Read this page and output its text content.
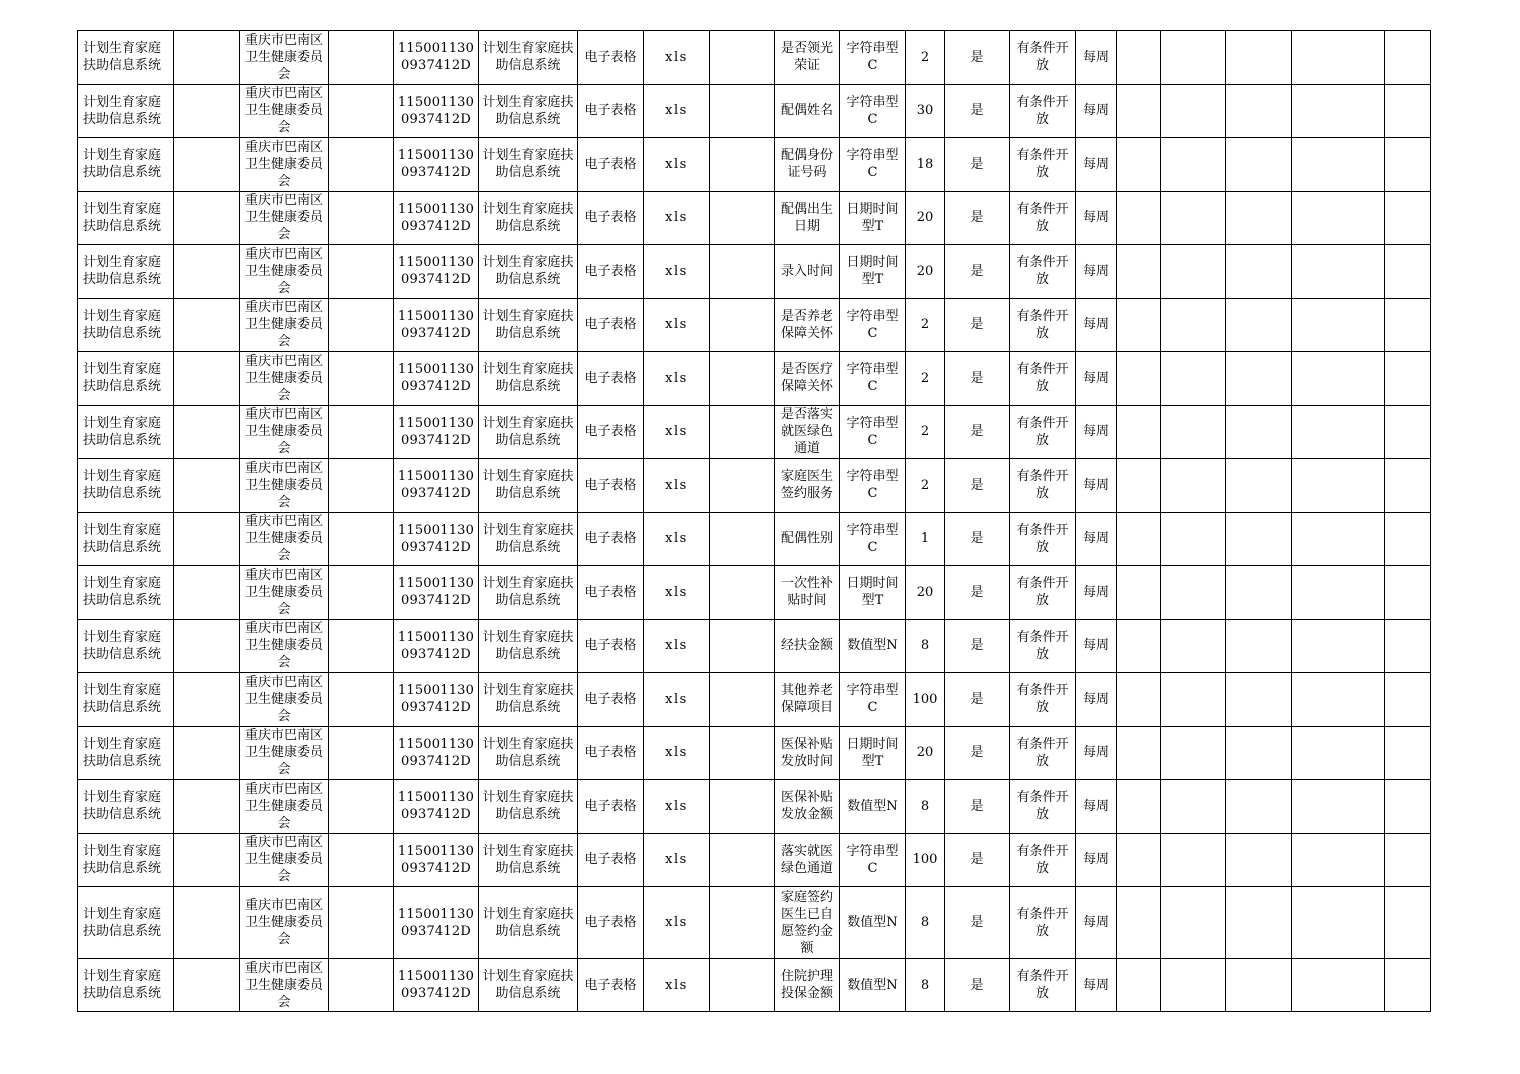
计划生育家庭扶助信息系统		重庆市巴南区卫生健康委员会		1150011300937412D	计划生育家庭扶助信息系统	电子表格	xls		是否领光荣证	字符串型C	2	是	有条件开放	每周					
计划生育家庭扶助信息系统		重庆市巴南区卫生健康委员会		1150011300937412D	计划生育家庭扶助信息系统	电子表格	xls		配偶姓名	字符串型C	30	是	有条件开放	每周					
计划生育家庭扶助信息系统		重庆市巴南区卫生健康委员会		1150011300937412D	计划生育家庭扶助信息系统	电子表格	xls		配偶身份证号码	字符串型C	18	是	有条件开放	每周					
计划生育家庭扶助信息系统		重庆市巴南区卫生健康委员会		1150011300937412D	计划生育家庭扶助信息系统	电子表格	xls		配偶出生日期	日期时间型T	20	是	有条件开放	每周					
计划生育家庭扶助信息系统		重庆市巴南区卫生健康委员会		1150011300937412D	计划生育家庭扶助信息系统	电子表格	xls		录入时间	日期时间型T	20	是	有条件开放	每周					
计划生育家庭扶助信息系统		重庆市巴南区卫生健康委员会		1150011300937412D	计划生育家庭扶助信息系统	电子表格	xls		是否养老保障关怀	字符串型C	2	是	有条件开放	每周					
计划生育家庭扶助信息系统		重庆市巴南区卫生健康委员会		1150011300937412D	计划生育家庭扶助信息系统	电子表格	xls		是否医疗保障关怀	字符串型C	2	是	有条件开放	每周					
计划生育家庭扶助信息系统		重庆市巴南区卫生健康委员会		1150011300937412D	计划生育家庭扶助信息系统	电子表格	xls		是否落实就医绿色通道	字符串型C	2	是	有条件开放	每周					
计划生育家庭扶助信息系统		重庆市巴南区卫生健康委员会		1150011300937412D	计划生育家庭扶助信息系统	电子表格	xls		家庭医生签约服务	字符串型C	2	是	有条件开放	每周					
计划生育家庭扶助信息系统		重庆市巴南区卫生健康委员会		1150011300937412D	计划生育家庭扶助信息系统	电子表格	xls		配偶性别	字符串型C	1	是	有条件开放	每周					
计划生育家庭扶助信息系统		重庆市巴南区卫生健康委员会		1150011300937412D	计划生育家庭扶助信息系统	电子表格	xls		一次性补贴时间	日期时间型T	20	是	有条件开放	每周					
计划生育家庭扶助信息系统		重庆市巴南区卫生健康委员会		1150011300937412D	计划生育家庭扶助信息系统	电子表格	xls		经扶金额	数值型N	8	是	有条件开放	每周					
计划生育家庭扶助信息系统		重庆市巴南区卫生健康委员会		1150011300937412D	计划生育家庭扶助信息系统	电子表格	xls		其他养老保障项目	字符串型C	100	是	有条件开放	每周					
计划生育家庭扶助信息系统		重庆市巴南区卫生健康委员会		1150011300937412D	计划生育家庭扶助信息系统	电子表格	xls		医保补贴发放时间	日期时间型T	20	是	有条件开放	每周					
计划生育家庭扶助信息系统		重庆市巴南区卫生健康委员会		1150011300937412D	计划生育家庭扶助信息系统	电子表格	xls		医保补贴发放金额	数值型N	8	是	有条件开放	每周					
计划生育家庭扶助信息系统		重庆市巴南区卫生健康委员会		1150011300937412D	计划生育家庭扶助信息系统	电子表格	xls		落实就医绿色通道	字符串型C	100	是	有条件开放	每周					
计划生育家庭扶助信息系统		重庆市巴南区卫生健康委员会		1150011300937412D	计划生育家庭扶助信息系统	电子表格	xls		家庭签约医生已自愿签约金额	数值型N	8	是	有条件开放	每周					
计划生育家庭扶助信息系统		重庆市巴南区卫生健康委员会		1150011300937412D	计划生育家庭扶助信息系统	电子表格	xls		住院护理投保金额	数值型N	8	是	有条件开放	每周					
